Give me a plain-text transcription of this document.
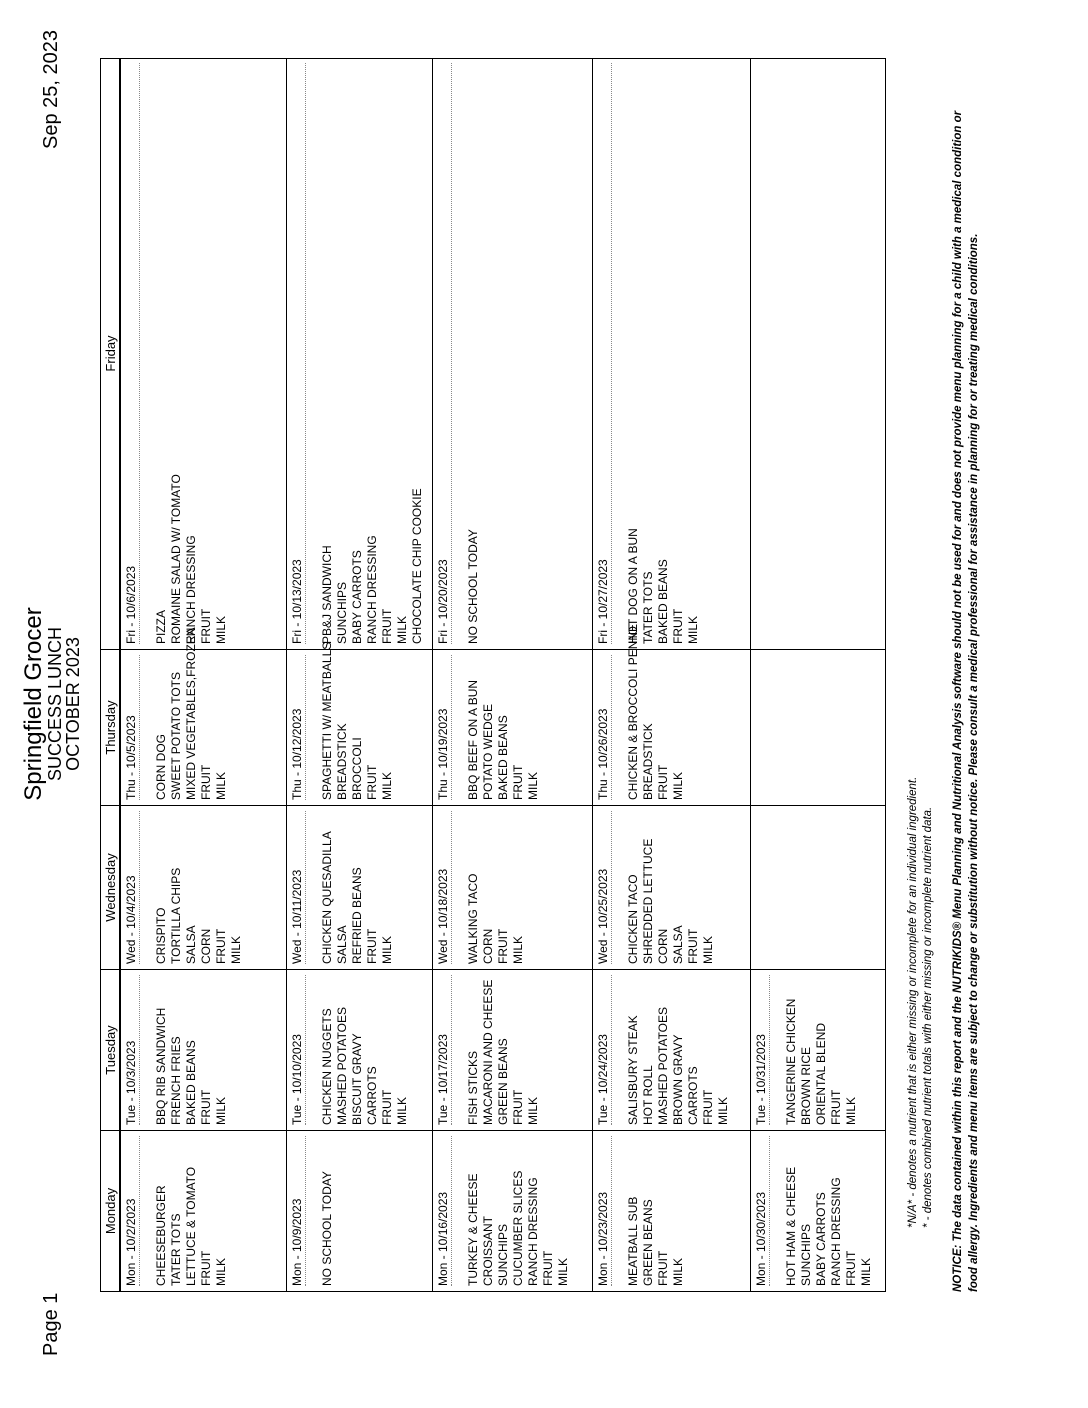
Page 1
Sep 25, 2023
Springfield Grocer
SUCCESS LUNCH
OCTOBER 2023
Monday
Tuesday
Wednesday
Thursday
Friday
Mon - 10/2/2023 CHEESEBURGER TATER TOTS LETTUCE & TOMATO FRUIT MILK
Tue - 10/3/2023 BBQ RIB SANDWICH FRENCH FRIES BAKED BEANS FRUIT MILK
Wed - 10/4/2023 CRISPITO TORTILLA CHIPS SALSA CORN FRUIT MILK
Thu - 10/5/2023 CORN DOG SWEET POTATO TOTS MIXED VEGETABLES,FROZEN FRUIT MILK
Fri - 10/6/2023 PIZZA ROMAINE SALAD W/ TOMATO RANCH DRESSING FRUIT MILK
Mon - 10/9/2023 NO SCHOOL TODAY
Tue - 10/10/2023 CHICKEN NUGGETS MASHED POTATOES BISCUIT GRAVY CARROTS FRUIT MILK
Wed - 10/11/2023 CHICKEN QUESADILLA SALSA REFRIED BEANS FRUIT MILK
Thu - 10/12/2023 SPAGHETTI W/ MEATBALLS BREADSTICK BROCCOLI FRUIT MILK
Fri - 10/13/2023 PB&J SANDWICH SUNCHIPS BABY CARROTS RANCH DRESSING FRUIT MILK CHOCOLATE CHIP COOKIE
Mon - 10/16/2023 TURKEY & CHEESE CROISSANT SUNCHIPS CUCUMBER SLICES RANCH DRESSING FRUIT MILK
Tue - 10/17/2023 FISH STICKS MACARONI AND CHEESE GREEN BEANS FRUIT MILK
Wed - 10/18/2023 WALKING TACO CORN FRUIT MILK
Thu - 10/19/2023 BBQ BEEF ON A BUN POTATO WEDGE BAKED BEANS FRUIT MILK
Fri - 10/20/2023 NO SCHOOL TODAY
Mon - 10/23/2023 MEATBALL SUB GREEN BEANS FRUIT MILK
Tue - 10/24/2023 SALISBURY STEAK HOT ROLL MASHED POTATOES BROWN GRAVY CARROTS FRUIT MILK
Wed - 10/25/2023 CHICKEN TACO SHREDDED LETTUCE CORN SALSA FRUIT MILK
Thu - 10/26/2023 CHICKEN & BROCCOLI PENNE BREADSTICK FRUIT MILK
Fri - 10/27/2023 HOT DOG ON A BUN TATER TOTS BAKED BEANS FRUIT MILK
Mon - 10/30/2023 HOT HAM & CHEESE SUNCHIPS BABY CARROTS RANCH DRESSING FRUIT MILK
Tue - 10/31/2023 TANGERINE CHICKEN BROWN RICE ORIENTAL BLEND FRUIT MILK	*N/A* - denotes a nutrient that is either missing or incomplete for an individual ingredient. * - denotes combined nutrient totals with either missing or incomplete nutrient data. NOTICE: The data contained within this report and the NUTRIKIDS® Menu Planning and Nutritional Analysis software should not be used for and does not provide menu planning for a child with a medical condition or food allergy. Ingredients and menu items are subject to change or substitution without notice. Please consult a medical professional for assistance in planning for or treating medical conditions.
